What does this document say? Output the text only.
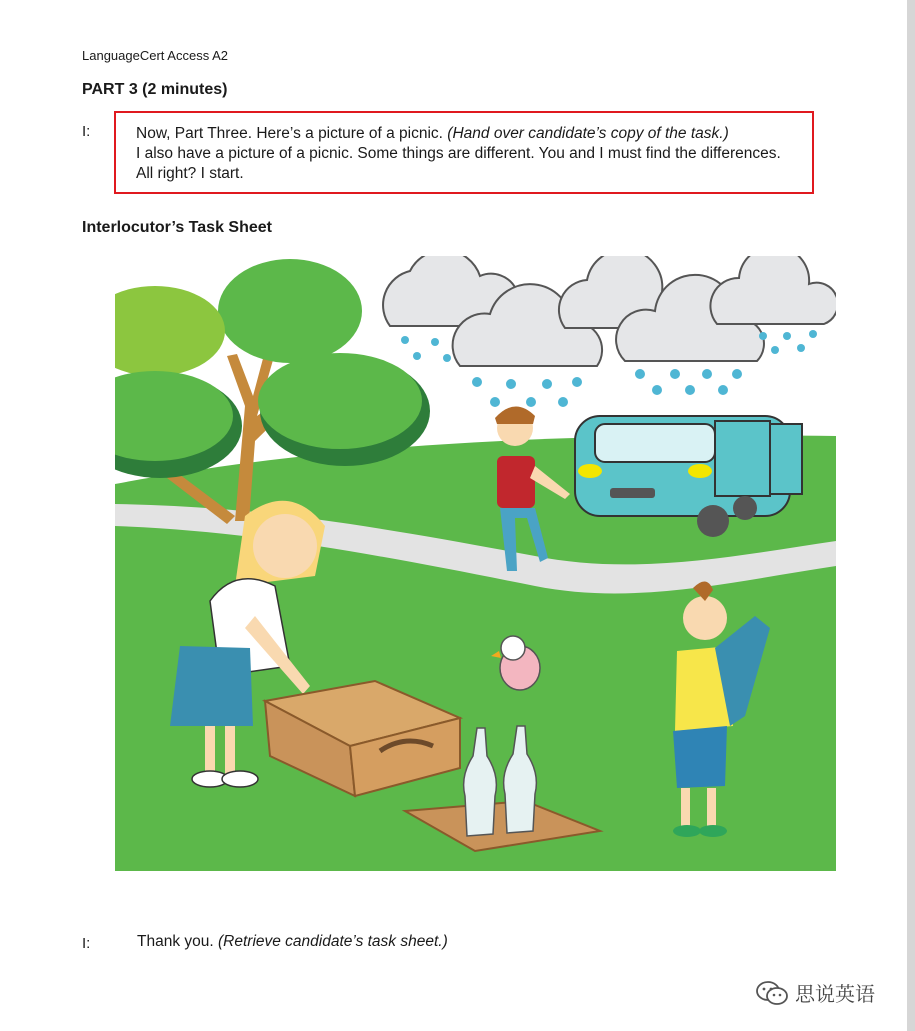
LanguageCert Access A2
PART 3 (2 minutes)
I:	Now, Part Three. Here’s a picture of a picnic. (Hand over candidate’s copy of the task.)
I also have a picture of a picnic. Some things are different. You and I must find the differences. All right? I start.
Interlocutor’s Task Sheet
I:	Thank you. (Retrieve candidate’s task sheet.)
思说英语
